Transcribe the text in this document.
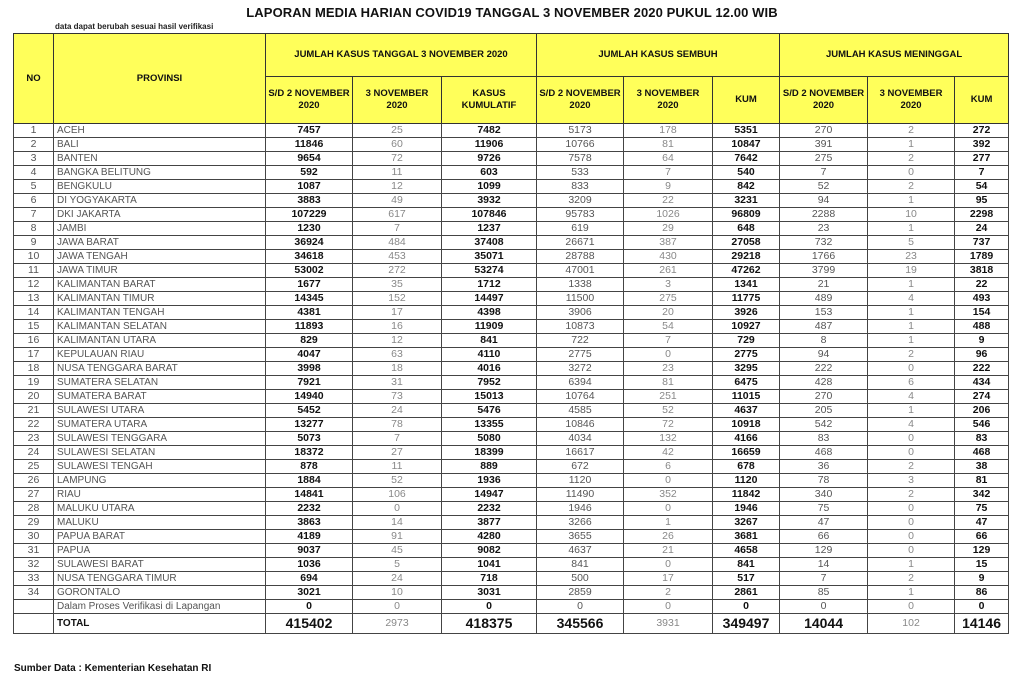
LAPORAN MEDIA HARIAN COVID19 TANGGAL 3 NOVEMBER 2020 PUKUL 12.00 WIB
data dapat berubah sesuai hasil verifikasi
NO	PROVINSI	JUMLAH KASUS TANGGAL 3 NOVEMBER 2020			JUMLAH KASUS SEMBUH			JUMLAH KASUS MENINGGAL		
		S/D 2 NOVEMBER 2020	3 NOVEMBER 2020	KASUS KUMULATIF	S/D 2 NOVEMBER 2020	3 NOVEMBER 2020	KUM	S/D 2 NOVEMBER 2020	3 NOVEMBER 2020	KUM
1	ACEH	7457	25	7482	5173	178	5351	270	2	272
2	BALI	11846	60	11906	10766	81	10847	391	1	392
3	BANTEN	9654	72	9726	7578	64	7642	275	2	277
4	BANGKA BELITUNG	592	11	603	533	7	540	7	0	7
5	BENGKULU	1087	12	1099	833	9	842	52	2	54
6	DI YOGYAKARTA	3883	49	3932	3209	22	3231	94	1	95
7	DKI JAKARTA	107229	617	107846	95783	1026	96809	2288	10	2298
8	JAMBI	1230	7	1237	619	29	648	23	1	24
9	JAWA BARAT	36924	484	37408	26671	387	27058	732	5	737
10	JAWA TENGAH	34618	453	35071	28788	430	29218	1766	23	1789
11	JAWA TIMUR	53002	272	53274	47001	261	47262	3799	19	3818
12	KALIMANTAN BARAT	1677	35	1712	1338	3	1341	21	1	22
13	KALIMANTAN TIMUR	14345	152	14497	11500	275	11775	489	4	493
14	KALIMANTAN TENGAH	4381	17	4398	3906	20	3926	153	1	154
15	KALIMANTAN SELATAN	11893	16	11909	10873	54	10927	487	1	488
16	KALIMANTAN UTARA	829	12	841	722	7	729	8	1	9
17	KEPULAUAN RIAU	4047	63	4110	2775	0	2775	94	2	96
18	NUSA TENGGARA BARAT	3998	18	4016	3272	23	3295	222	0	222
19	SUMATERA SELATAN	7921	31	7952	6394	81	6475	428	6	434
20	SUMATERA BARAT	14940	73	15013	10764	251	11015	270	4	274
21	SULAWESI UTARA	5452	24	5476	4585	52	4637	205	1	206
22	SUMATERA UTARA	13277	78	13355	10846	72	10918	542	4	546
23	SULAWESI TENGGARA	5073	7	5080	4034	132	4166	83	0	83
24	SULAWESI SELATAN	18372	27	18399	16617	42	16659	468	0	468
25	SULAWESI TENGAH	878	11	889	672	6	678	36	2	38
26	LAMPUNG	1884	52	1936	1120	0	1120	78	3	81
27	RIAU	14841	106	14947	11490	352	11842	340	2	342
28	MALUKU UTARA	2232	0	2232	1946	0	1946	75	0	75
29	MALUKU	3863	14	3877	3266	1	3267	47	0	47
30	PAPUA BARAT	4189	91	4280	3655	26	3681	66	0	66
31	PAPUA	9037	45	9082	4637	21	4658	129	0	129
32	SULAWESI BARAT	1036	5	1041	841	0	841	14	1	15
33	NUSA TENGGARA TIMUR	694	24	718	500	17	517	7	2	9
34	GORONTALO	3021	10	3031	2859	2	2861	85	1	86
	Dalam Proses Verifikasi di Lapangan	0	0	0	0	0	0	0	0	0
	TOTAL	415402	2973	418375	345566	3931	349497	14044	102	14146
Sumber Data : Kementerian Kesehatan RI
